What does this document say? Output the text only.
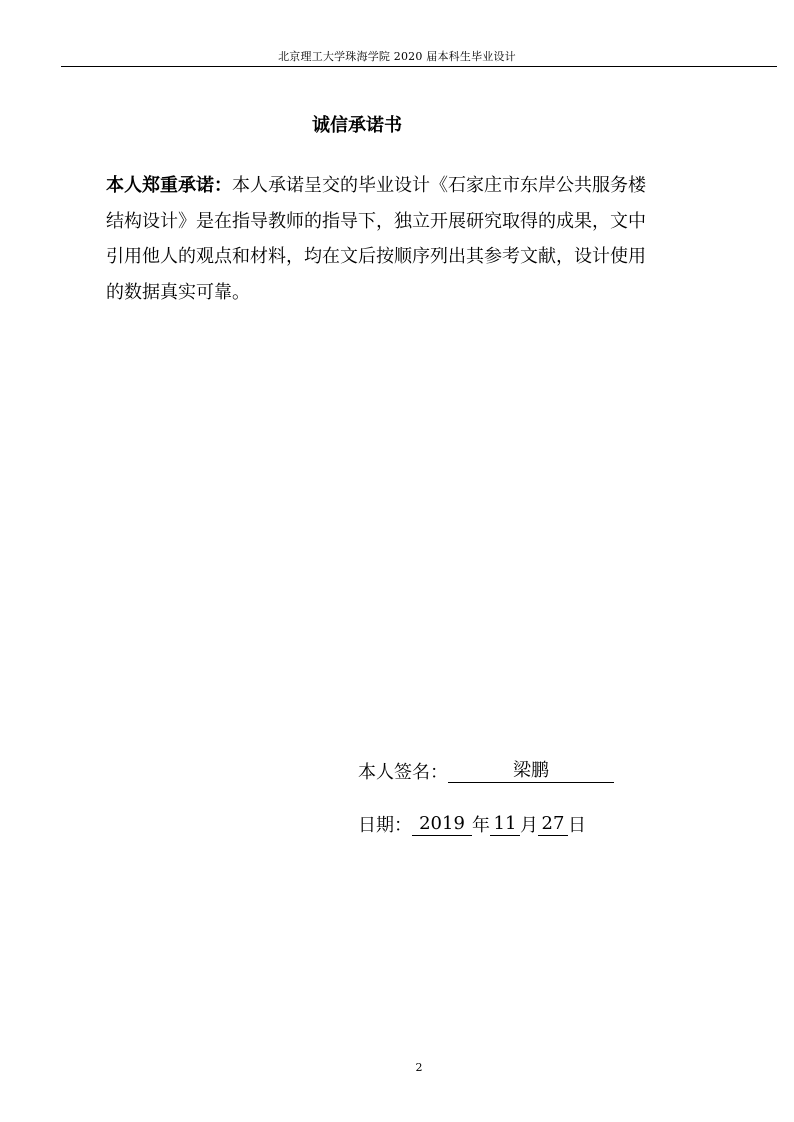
北京理工大学珠海学院 2020 届本科生毕业设计
诚信承诺书
本人郑重承诺：本人承诺呈交的毕业设计《石家庄市东岸公共服务楼结构设计》是在指导教师的指导下，独立开展研究取得的成果，文中引用他人的观点和材料，均在文后按顺序列出其参考文献，设计使用的数据真实可靠。
本人签名：	梁鹏
日期： 2019 年 11 月 27 日
2
